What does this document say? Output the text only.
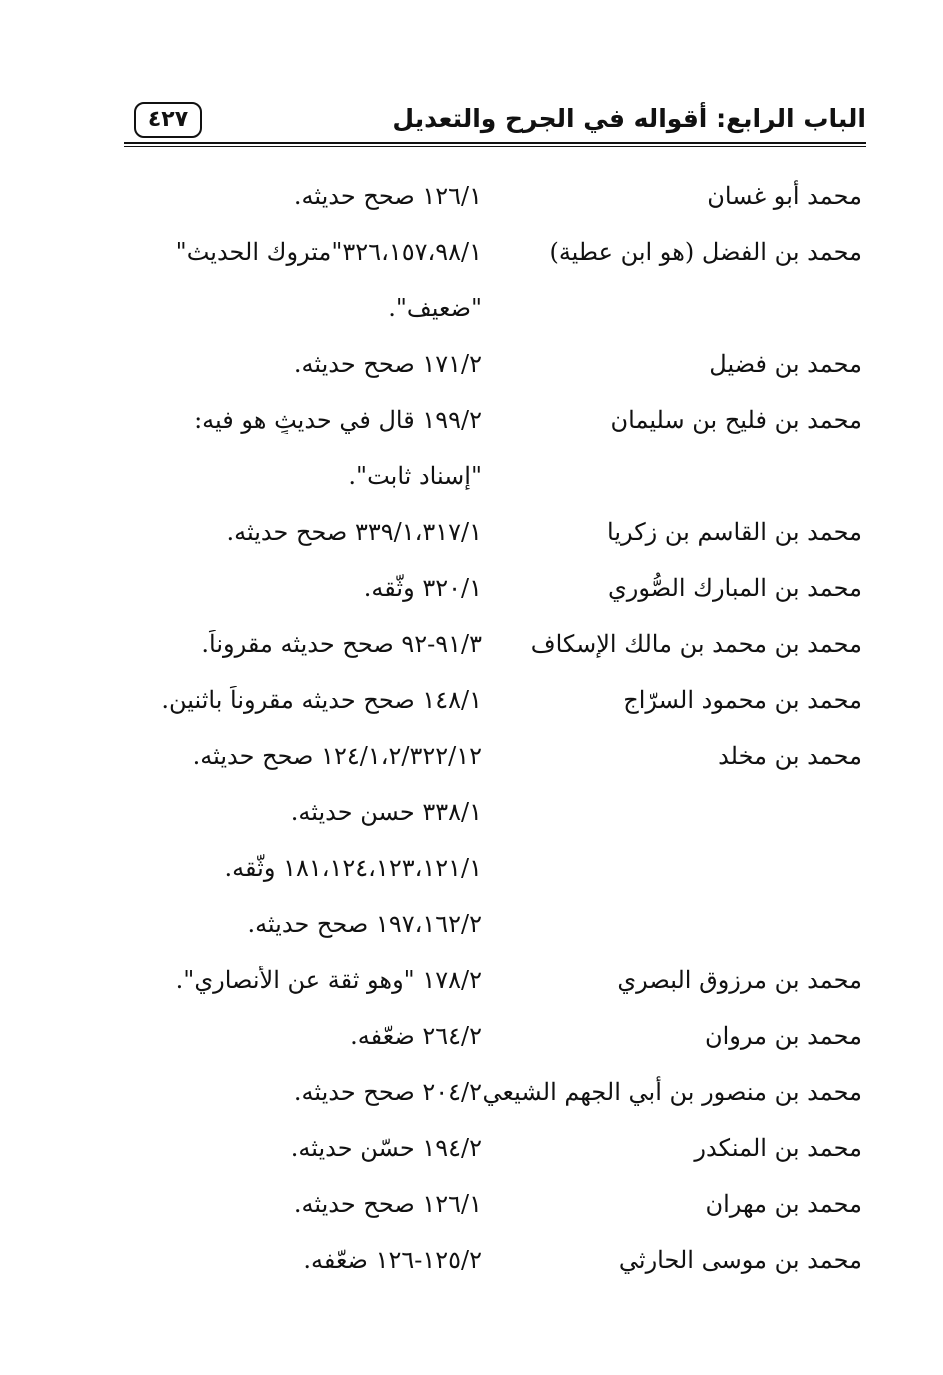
الباب الرابع: أقواله في الجرح والتعديل
٤٢٧
محمد أبو غسان
١٢٦/١ صحح حديثه.
محمد بن الفضل (هو ابن عطية)
٣٢٦،١٥٧،٩٨/١"متروك الحديث"
"ضعيف".
محمد بن فضيل
١٧١/٢ صحح حديثه.
محمد بن فليح بن سليمان
١٩٩/٢ قال في حديثٍ هو فيه:
"إسناد ثابت".
محمد بن القاسم بن زكريا
٣٣٩/١،٣١٧/١ صحح حديثه.
محمد بن المبارك الصُّوري
٣٢٠/١ وثّقه.
محمد بن محمد بن مالك الإسكاف
٩١/٣-٩٢ صحح حديثه مقروناً.
محمد بن محمود السرّاج
١٤٨/١ صحح حديثه مقروناً باثنين.
محمد بن مخلد
١٢٤/١،٢/٣٢٢/١٢ صحح حديثه.
٣٣٨/١ حسن حديثه.
١٨١،١٢٤،١٢٣،١٢١/١ وثّقه.
١٩٧،١٦٢/٢ صحح حديثه.
محمد بن مرزوق البصري
١٧٨/٢ "وهو ثقة عن الأنصاري".
محمد بن مروان
٢٦٤/٢ ضعّفه.
محمد بن منصور بن أبي الجهم الشيعي
٢٠٤/٢ صحح حديثه.
محمد بن المنكدر
١٩٤/٢ حسّن حديثه.
محمد بن مهران
١٢٦/١ صحح حديثه.
محمد بن موسى الحارثي
١٢٥/٢-١٢٦ ضعّفه.
